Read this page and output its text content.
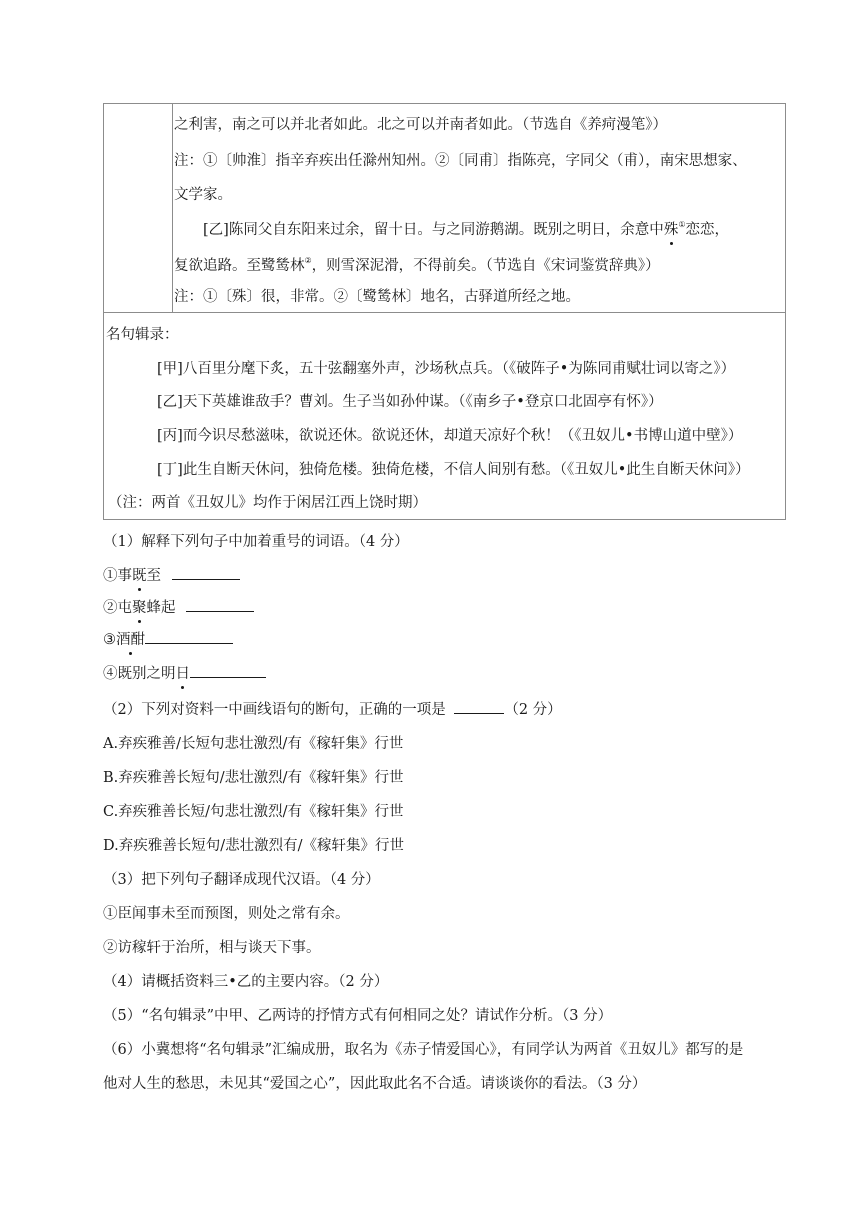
之利害，南之可以并北者如此。北之可以并南者如此。（节选自《养疴漫笔》）
注：①〔帅淮〕指辛弃疾出任滁州知州。②〔同甫〕指陈亮，字同父（甫），南宋思想家、
文学家。
[乙]陈同父自东阳来过余，留十日。与之同游鹅湖。既别之明日，余意中殊①恋恋，
复欲追路。至鹭鸶林②，则雪深泥滑，不得前矣。（节选自《宋词鉴赏辞典》）
注：①〔殊〕很，非常。②〔鹭鸶林〕地名，古驿道所经之地。
名句辑录：
[甲]八百里分麾下炙，五十弦翻塞外声，沙场秋点兵。（《破阵子•为陈同甫赋壮词以寄之》）
[乙]天下英雄谁敌手？曹刘。生子当如孙仲谋。（《南乡子•登京口北固亭有怀》）
[丙]而今识尽愁滋味，欲说还休。欲说还休，却道天凉好个秋！（《丑奴儿•书博山道中壁》）
[丁]此生自断天休问，独倚危楼。独倚危楼，不信人间别有愁。（《丑奴儿•此生自断天休问》）
（注：两首《丑奴儿》均作于闲居江西上饶时期）
（1）解释下列句子中加着重号的词语。（4 分）
①事既至
②屯聚蜂起
③酒酣
④既别之明日
（2）下列对资料一中画线语句的断句，正确的一项是	（2 分）
A.弃疾雅善/长短句悲壮激烈/有《稼轩集》行世
B.弃疾雅善长短句/悲壮激烈/有《稼轩集》行世
C.弃疾雅善长短/句悲壮激烈/有《稼轩集》行世
D.弃疾雅善长短句/悲壮激烈有/《稼轩集》行世
（3）把下列句子翻译成现代汉语。（4 分）
①臣闻事未至而预图，则处之常有余。
②访稼轩于治所，相与谈天下事。
（4）请概括资料三•乙的主要内容。（2 分）
（5）“名句辑录”中甲、乙两诗的抒情方式有何相同之处？请试作分析。（3 分）
（6）小冀想将“名句辑录”汇编成册，取名为《赤子情爱国心》，有同学认为两首《丑奴儿》都写的是
他对人生的愁思，未见其“爱国之心”，因此取此名不合适。请谈谈你的看法。（3 分）
